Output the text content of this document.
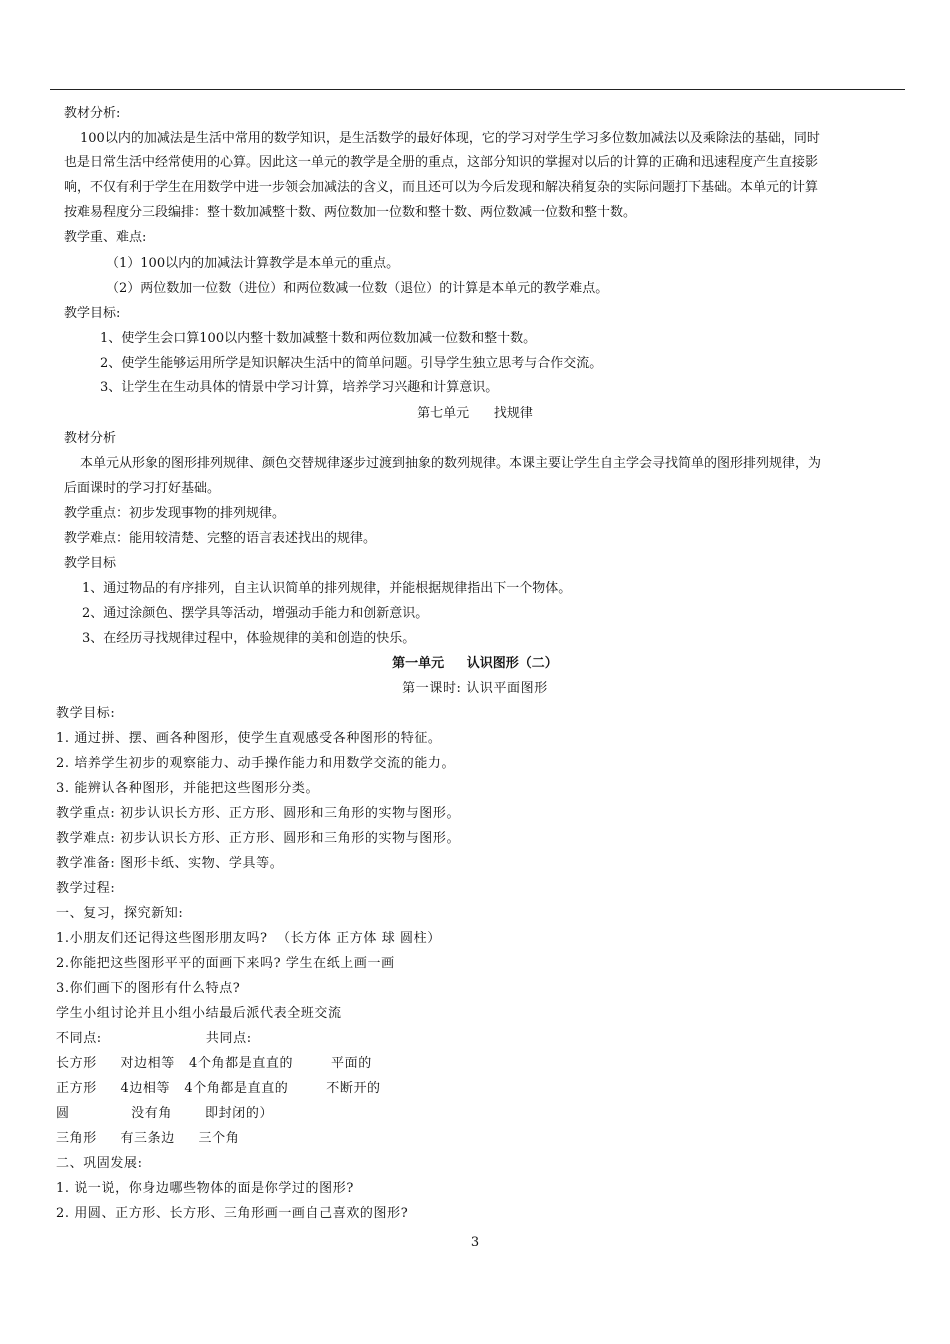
教材分析:
100以内的加减法是生活中常用的数学知识，是生活数学的最好体现，它的学习对学生学习多位数加减法以及乘除法的基础，同时
也是日常生活中经常使用的心算。因此这一单元的教学是全册的重点，这部分知识的掌握对以后的计算的正确和迅速程度产生直接影
响，不仅有利于学生在用数学中进一步领会加减法的含义，而且还可以为今后发现和解决稍复杂的实际问题打下基础。本单元的计算
按难易程度分三段编排：整十数加减整十数、两位数加一位数和整十数、两位数减一位数和整十数。
教学重、难点:
（1）100以内的加减法计算教学是本单元的重点。
（2）两位数加一位数（进位）和两位数减一位数（退位）的计算是本单元的教学难点。
教学目标:
1、使学生会口算100以内整十数加减整十数和两位数加减一位数和整十数。
2、使学生能够运用所学是知识解决生活中的简单问题。引导学生独立思考与合作交流。
3、让学生在生动具体的情景中学习计算，培养学习兴趣和计算意识。
第七单元      找规律
教材分析
本单元从形象的图形排列规律、颜色交替规律逐步过渡到抽象的数列规律。本课主要让学生自主学会寻找简单的图形排列规律，为
后面课时的学习打好基础。
教学重点：初步发现事物的排列规律。
教学难点：能用较清楚、完整的语言表述找出的规律。
教学目标
1、通过物品的有序排列，自主认识简单的排列规律，并能根据规律指出下一个物体。
2、通过涂颜色、摆学具等活动，增强动手能力和创新意识。
3、在经历寻找规律过程中，体验规律的美和创造的快乐。
第一单元     认识图形（二）
第一课时: 认识平面图形
教学目标:
1. 通过拼、摆、画各种图形，使学生直观感受各种图形的特征。
2. 培养学生初步的观察能力、动手操作能力和用数学交流的能力。
3. 能辨认各种图形，并能把这些图形分类。
教学重点: 初步认识长方形、正方形、圆形和三角形的实物与图形。
教学难点: 初步认识长方形、正方形、圆形和三角形的实物与图形。
教学准备: 图形卡纸、实物、学具等。
教学过程:
一、复习，探究新知:
1.小朋友们还记得这些图形朋友吗?  （长方体 正方体 球 圆柱）
2.你能把这些图形平平的面画下来吗? 学生在纸上画一画
3.你们画下的图形有什么特点?
学生小组讨论并且小组小结最后派代表全班交流
不同点:                      共同点:
长方形     对边相等   4个角都是直直的        平面的
正方形     4边相等   4个角都是直直的        不断开的
圆             没有角       即封闭的）
三角形     有三条边     三个角
二、巩固发展:
1. 说一说，你身边哪些物体的面是你学过的图形?
2. 用圆、正方形、长方形、三角形画一画自己喜欢的图形?
3
